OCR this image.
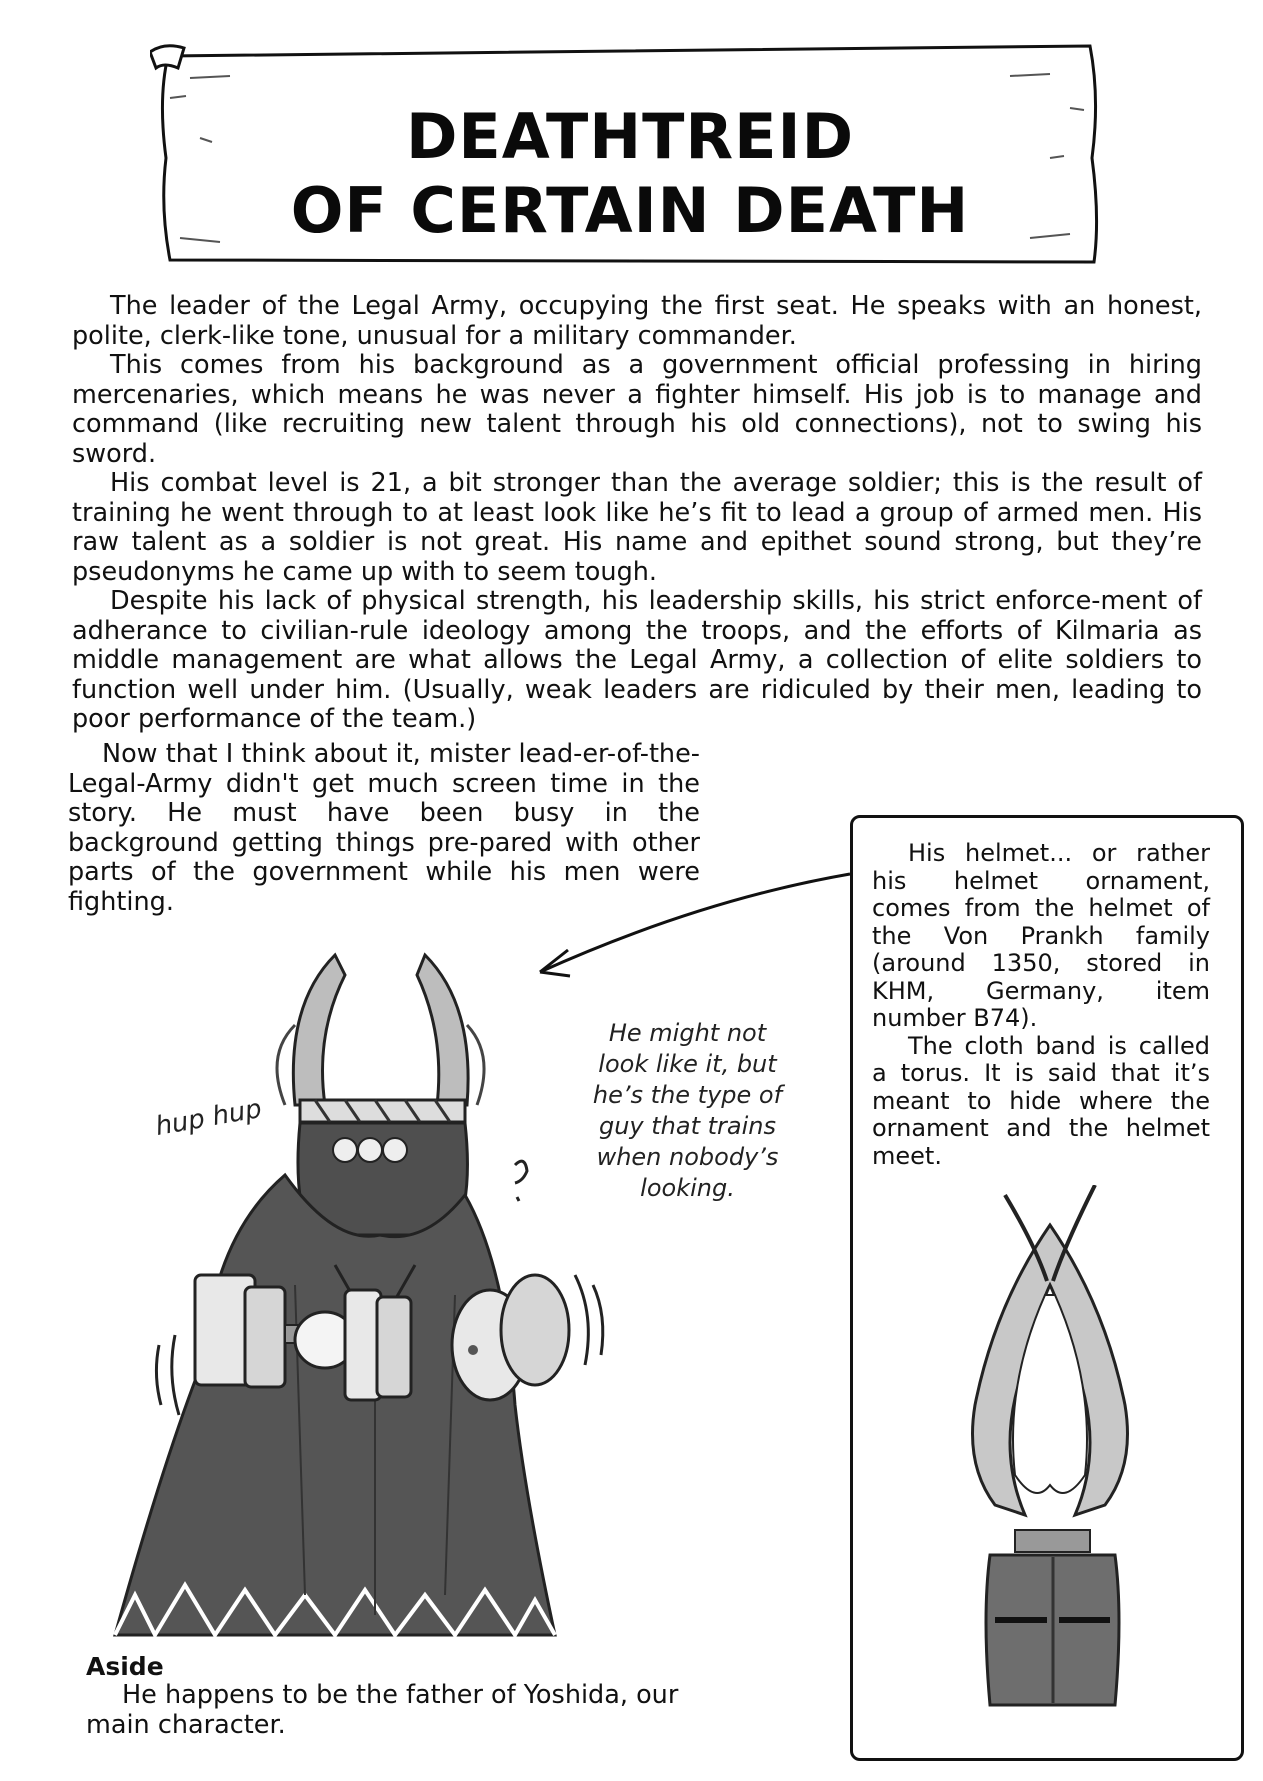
DEATHTREID
OF CERTAIN DEATH

The leader of the Legal Army, occupying the first seat. He speaks with an honest, polite, clerk-like tone, unusual for a military commander.

This comes from his background as a government official professing in hiring mercenaries, which means he was never a fighter himself. His job is to manage and command (like recruiting new talent through his old connections), not to swing his sword.

His combat level is 21, a bit stronger than the average soldier; this is the result of training he went through to at least look like he’s fit to lead a group of armed men. His raw talent as a soldier is not great. His name and epithet sound strong, but they’re pseudonyms he came up with to seem tough.

Despite his lack of physical strength, his leadership skills, his strict enforce-ment of adherance to civilian-rule ideology among the troops, and the efforts of Kilmaria as middle management are what allows the Legal Army, a collection of elite soldiers to function well under him. (Usually, weak leaders are ridiculed by their men, leading to poor performance of the team.)

Now that I think about it, mister lead-er-of-the-Legal-Army didn't get much screen time in the story. He must have been busy in the background getting things pre-pared with other parts of the government while his men were fighting.

His helmet... or rather his helmet ornament, comes from the helmet of the Von Prankh family (around 1350, stored in KHM, Germany, item number B74).

The cloth band is called a torus. It is said that it’s meant to hide where the ornament and the helmet meet.

He might not
look like it, but
he’s the type of
guy that trains
when nobody’s
looking.
hup hup
Aside

He happens to be the father of Yoshida, our main character.
